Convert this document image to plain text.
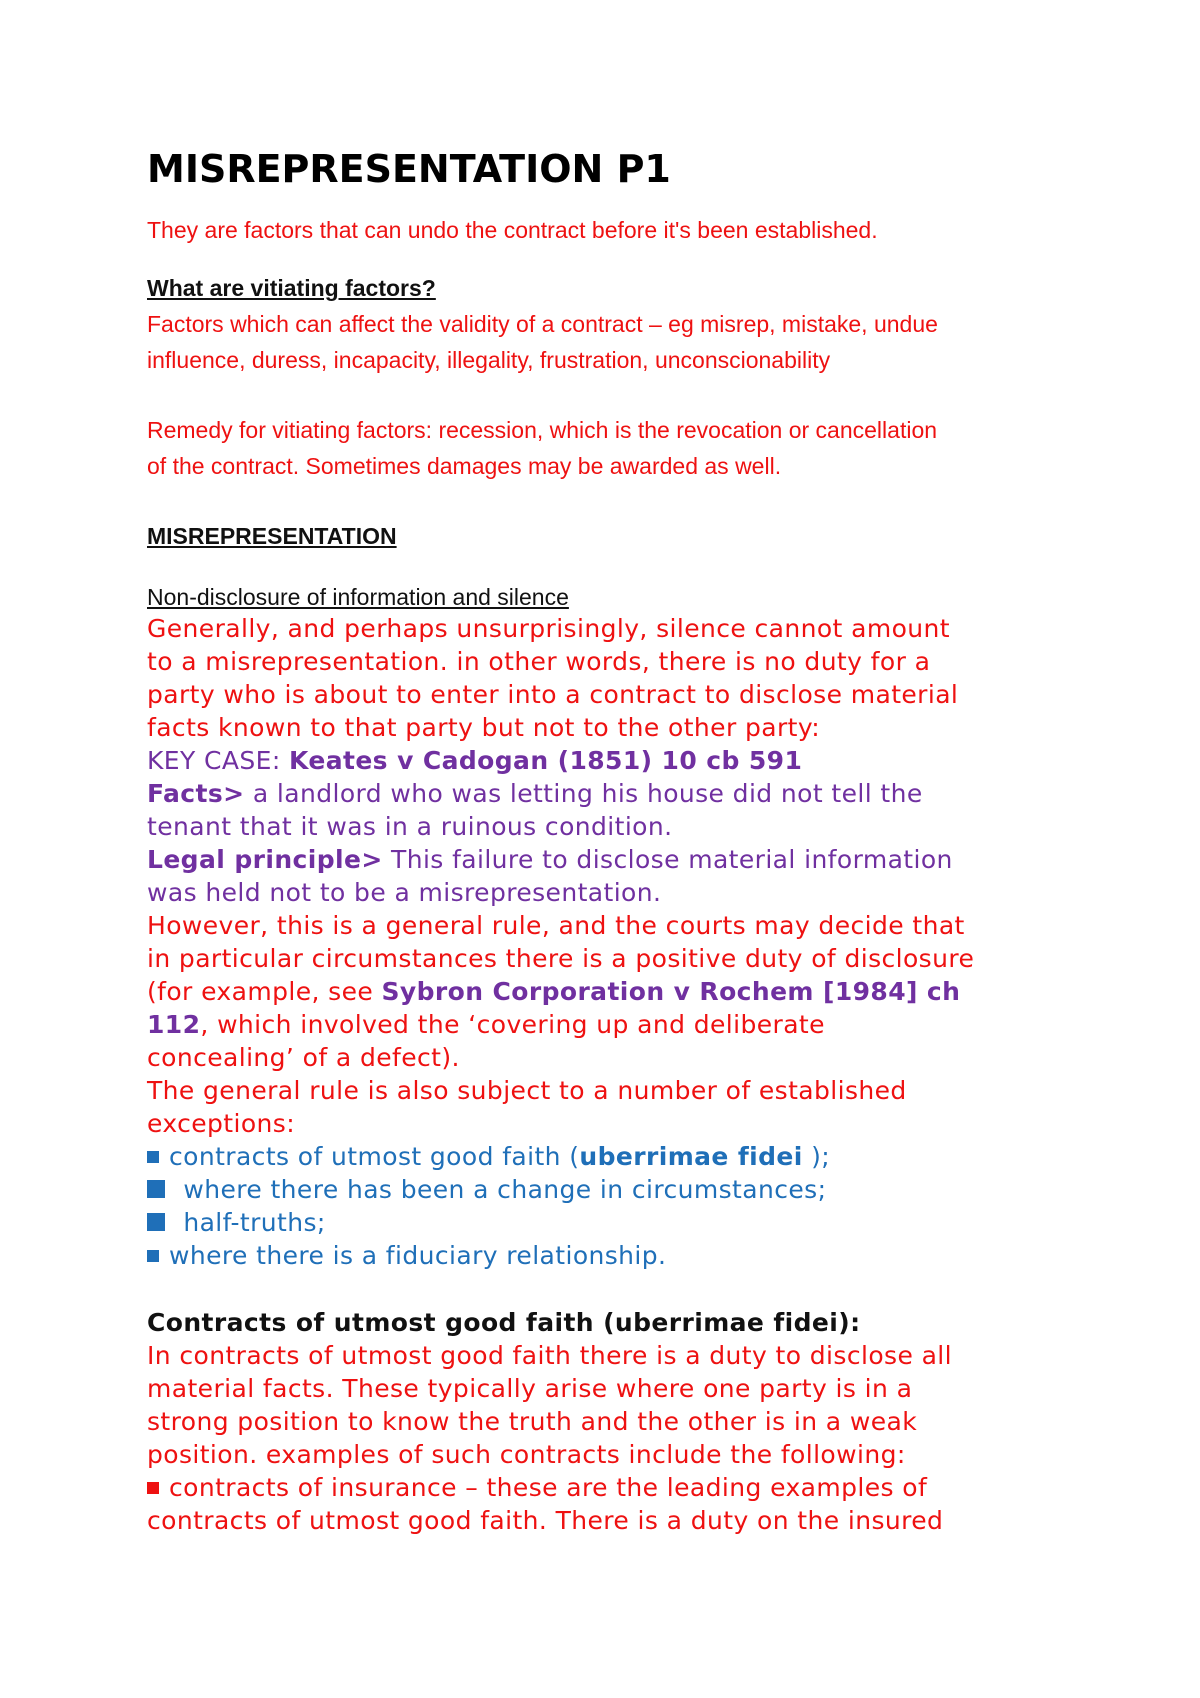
MISREPRESENTATION P1

They are factors that can undo the contract before it's been established.

What are vitiating factors?

Factors which can affect the validity of a contract – eg misrep, mistake, undue

influence, duress, incapacity, illegality, frustration, unconscionability

Remedy for vitiating factors: recession, which is the revocation or cancellation

of the contract. Sometimes damages may be awarded as well.

MISREPRESENTATION

Non-disclosure of information and silence

Generally, and perhaps unsurprisingly, silence cannot amount

to a misrepresentation. in other words, there is no duty for a

party who is about to enter into a contract to disclose material

facts known to that party but not to the other party:

KEY CASE: Keates v Cadogan (1851) 10 cb 591

Facts> a landlord who was letting his house did not tell the

tenant that it was in a ruinous condition.

Legal principle> This failure to disclose material information

was held not to be a misrepresentation.

However, this is a general rule, and the courts may decide that

in particular circumstances there is a positive duty of disclosure

(for example, see Sybron Corporation v Rochem [1984] ch

112, which involved the ‘covering up and deliberate

concealing’ of a defect).

The general rule is also subject to a number of established

exceptions:

contracts of utmost good faith (uberrimae fidei );

where there has been a change in circumstances;

half-truths;

where there is a fiduciary relationship.

Contracts of utmost good faith (uberrimae fidei):

In contracts of utmost good faith there is a duty to disclose all

material facts. These typically arise where one party is in a

strong position to know the truth and the other is in a weak

position. examples of such contracts include the following:

contracts of insurance – these are the leading examples of

contracts of utmost good faith. There is a duty on the insured
